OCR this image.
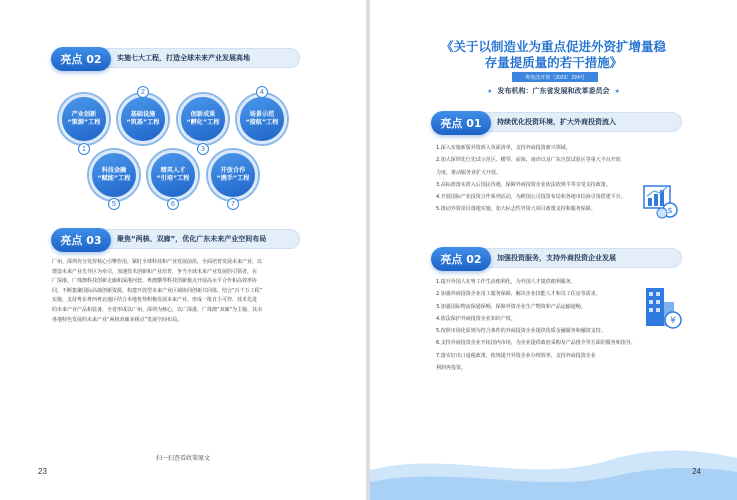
亮点 02	实施七大工程，打造全球未来产业发展高地
产业创新
“策源”工程
1
基础设施
“筑基”工程
2
创新成果
“孵化”工程
3
场景示范
“接航”工程
4
科技金融
“赋能”工程
5
精英人才
“引培”工程
6
开放合作
“携手”工程
7
亮点 03	聚焦“两核、双廊”，优化广东未来产业空间布局
广州、深圳充分发挥核心引擎作用，紧盯全球科技和产业发展前沿，全面培育发展未来产业，以
建设未来产业先导区为牵引，加速技术创新和产业培育，争当全球未来产业发展的引领者，在
广深港、广珠澳科技创新走廊和深港河套、粤澳横琴科技创新极点开展高水平合作和高效率协
同，不断集聚国际高端创新资源，构建开放型未来产业区域协同创新共同体，结合“百千万工程”
实施，支持粤东粤西粤北地区结合本地优势积极发展未来产业，形成一批自主可控、技术先进
的未来产业产品和装备，全省形成以广州、深圳为核心，以广深港、广珠澳“双廊”为主轴，其余
各地特色发展的未来产业“两核双廊多极点”发展空间布局。
扫一扫查看政策原文
23
《关于以制造业为重点促进外资扩增量稳
存量提质量的若干措施》
粤发改开放〔2023〕224号
★ 发布机构：广东省发展和改革委员会 ★
亮点 01	持续优化投资环境，扩大外商投资流入
1.深入实施新版外资准入负面清单，支持外商投资新兴领域。
2.加大深圳先行先试示范区、横琴、前海、南沙以及广东自贸试验区等重大平台开放
力度，推动服务业扩大开放。
3.高标准落实准入后国民待遇，保障外商投资企业依法依规平等享受支持政策。
4.开展国际产业投资合作系列活动，为跨国公司投资布局和各地市招商引资搭建平台。
5.推动外资项目落地实施，加大标志性外资大项目政策支持和服务保障。	$
亮点 02	加强投资服务，支持外商投资企业发展
1.提升外国人在粤工作生活便利化，为外国人才提供便利服务。
2.加强外商投资企业用工服务保障，解决企业技能人才和员工住房等需求。
3.加强国际物流保通保畅，保障外资企业生产物资和产品运输通畅。
4.依法保护外商投资企业知识产权。
5.按照市场化原则为符合条件的外商投资企业提供优质金融服务和融资支持。
6.支持外商投资企业开拓国内市场，为企业提供政府采购及产品推介等方面的服务和指导。
7.落实好出口退税政策，依规提升外资企业办理效率，支持外商投资企业
利润再投资。
¥
24
